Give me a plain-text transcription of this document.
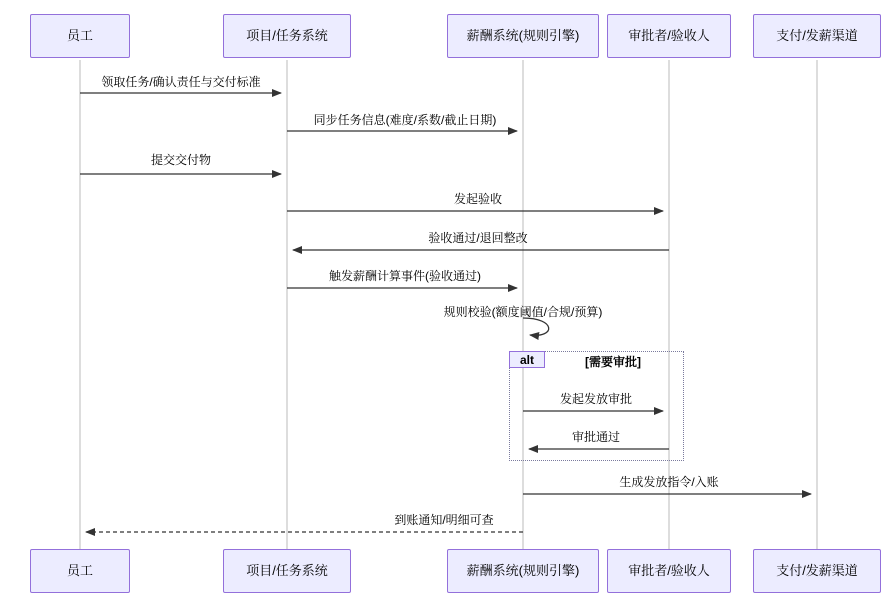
员工	项目/任务系统	薪酬系统(规则引擎)	审批者/验收人	支付/发薪渠道
员工	项目/任务系统	薪酬系统(规则引擎)	审批者/验收人	支付/发薪渠道
alt	[需要审批]
领取任务/确认责任与交付标准
同步任务信息(难度/系数/截止日期)
提交交付物
发起验收
验收通过/退回整改
触发薪酬计算事件(验收通过)
规则校验(额度阈值/合规/预算)
发起发放审批
审批通过
生成发放指令/入账
到账通知/明细可查
